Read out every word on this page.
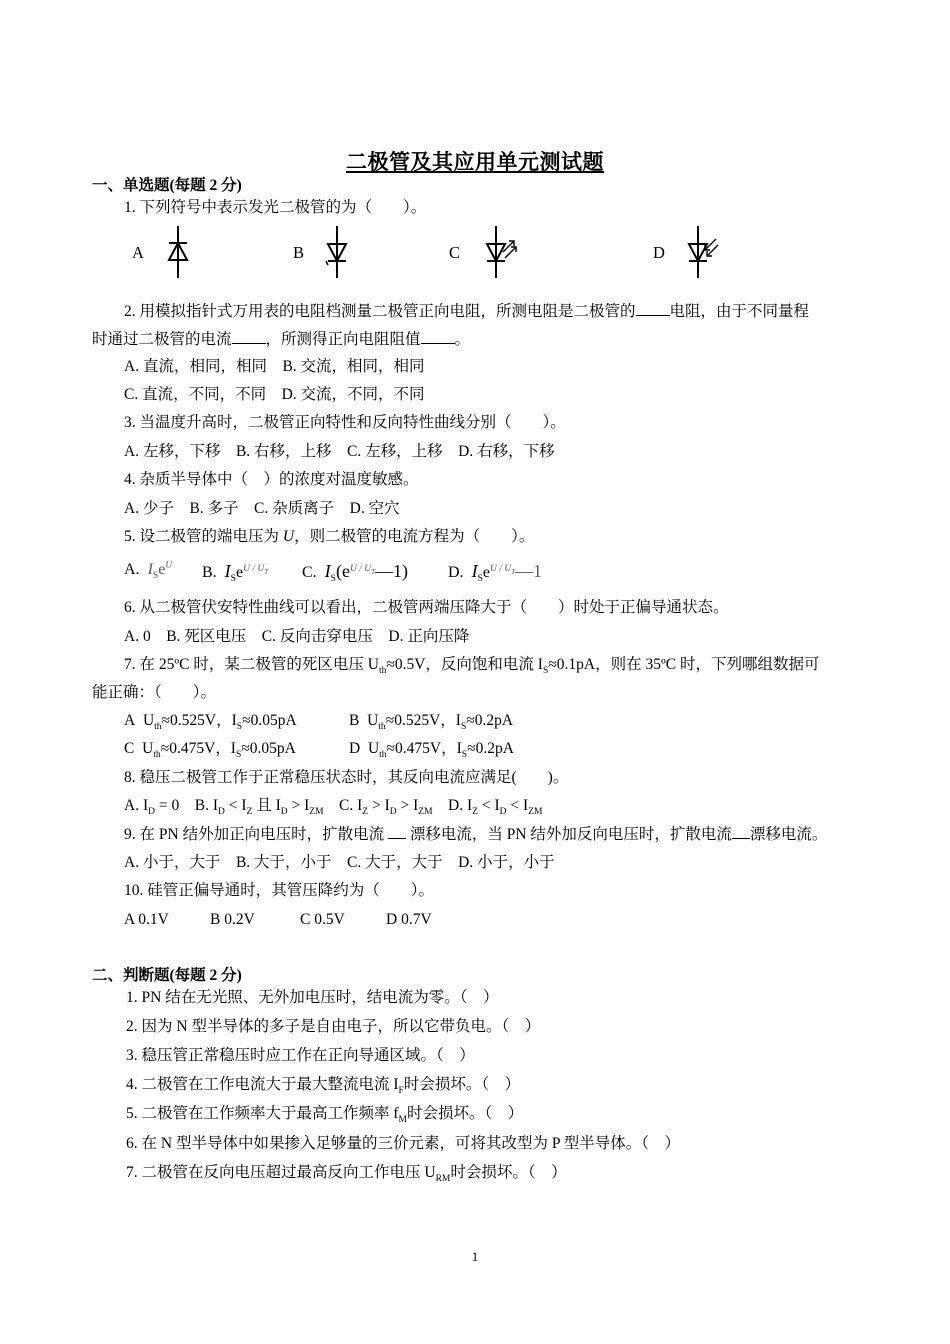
二极管及其应用单元测试题
一、单选题(每题 2 分)
1. 下列符号中表示发光二极管的为（　　）。
A	B	C	D
2. 用模拟指针式万用表的电阻档测量二极管正向电阻，所测电阻是二极管的 电阻，由于不同量程
时通过二极管的电流 ，所测得正向电阻阻值 。
A. 直流，相同，相同　B. 交流，相同，相同
C. 直流，不同，不同　D. 交流，不同，不同
3. 当温度升高时，二极管正向特性和反向特性曲线分别（　　）。
A. 左移，下移　B. 右移，上移　C. 左移，上移　D. 右移，下移
4. 杂质半导体中（　）的浓度对温度敏感。
A. 少子　B. 多子　C. 杂质离子　D. 空穴
5. 设二极管的端电压为 U，则二极管的电流方程为（　　）。
A. $I_Se^U$ B. $I_Se^{U / U_T}$ C. $I_S(e^{U / U_T}—1)$	D. $I_Se^{U / U_T}—1$
6. 从二极管伏安特性曲线可以看出，二极管两端压降大于（　　）时处于正偏导通状态。
A. 0　B. 死区电压　C. 反向击穿电压　D. 正向压降
7. 在 25ºC 时，某二极管的死区电压 $U_{th}\approx 0.5V$，反向饱和电流 $I_S\approx 0.1pA$，则在 35ºC 时，下列哪组数据可
能正确：（　　）。
A  $U_{th}\approx 0.525V$，$I_S\approx 0.05pA$	B  $U_{th}\approx 0.525V$，$I_S\approx 0.2pA$
C  $U_{th}\approx 0.475V$，$I_S\approx 0.05pA$	D  $U_{th}\approx 0.475V$，$I_S\approx 0.2pA$
8. 稳压二极管工作于正常稳压状态时，其反向电流应满足(　　)。
A. $I_D = 0$    B. $I_D < I_Z$ 且 $I_D > I_{ZM}$    C. $I_Z > I_D > I_{ZM}$    D. $I_Z < I_D < I_{ZM}$
9. 在 PN 结外加正向电压时，扩散电流  漂移电流，当 PN 结外加反向电压时，扩散电流 漂移电流。
A. 小于，大于　B. 大于，小于　C. 大于，大于　D. 小于，小于
10. 硅管正偏导通时，其管压降约为（　　）。
A 0.1V	B 0.2V	C 0.5V	D 0.7V
二、判断题(每题 2 分)
1. PN 结在无光照、无外加电压时，结电流为零。（　）
2. 因为 N 型半导体的多子是自由电子，所以它带负电。（　）
3. 稳压管正常稳压时应工作在正向导通区域。（　）
4. 二极管在工作电流大于最大整流电流 $I_F$时会损坏。（　）
5. 二极管在工作频率大于最高工作频率 $f_M$时会损坏。（　）
6. 在 N 型半导体中如果掺入足够量的三价元素，可将其改型为 P 型半导体。（　）
7. 二极管在反向电压超过最高反向工作电压 $U_{RM}$时会损坏。（　）
1
